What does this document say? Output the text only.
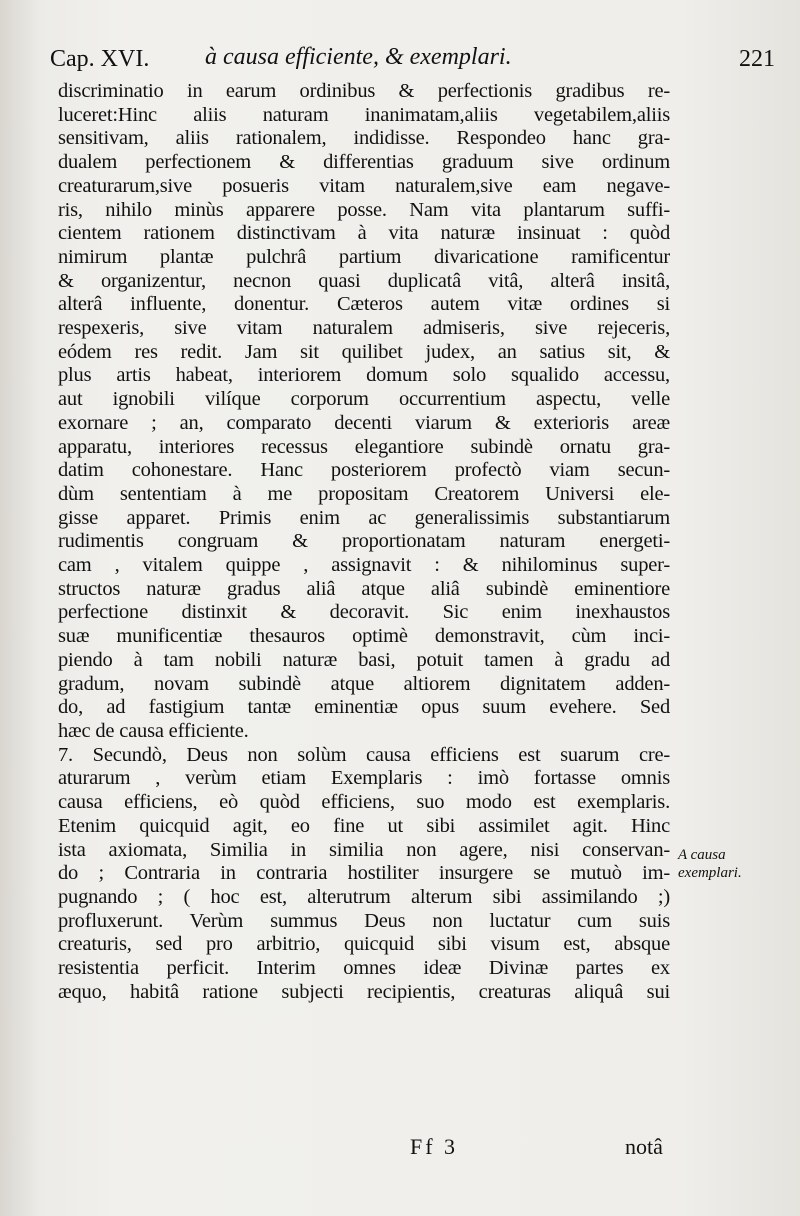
Cap. XVI. à causa efficiente, & exemplari.	221
discriminatio in earum ordinibus & perfectionis gradibus re-
luceret:Hinc aliis naturam inanimatam,aliis vegetabilem,aliis
sensitivam, aliis rationalem, indidisse. Respondeo hanc gra-
dualem perfectionem & differentias graduum sive ordinum
creaturarum,sive posueris vitam naturalem,sive eam negave-
ris, nihilo minùs apparere posse. Nam vita plantarum suffi-
cientem rationem distinctivam à vita naturæ insinuat : quòd
nimirum plantæ pulchrâ partium divaricatione ramificentur
& organizentur, necnon quasi duplicatâ vitâ, alterâ insitâ,
alterâ influente, donentur. Cæteros autem vitæ ordines si
respexeris, sive vitam naturalem admiseris, sive rejeceris,
eódem res redit. Jam sit quilibet judex, an satius sit, &
plus artis habeat, interiorem domum solo squalido accessu,
aut ignobili vilíque corporum occurrentium aspectu, velle
exornare ; an, comparato decenti viarum & exterioris areæ
apparatu, interiores recessus elegantiore subindè ornatu gra-
datim cohonestare. Hanc posteriorem profectò viam secun-
dùm sententiam à me propositam Creatorem Universi ele-
gisse apparet. Primis enim ac generalissimis substantiarum
rudimentis congruam & proportionatam naturam energeti-
cam , vitalem quippe , assignavit : & nihilominus super-
structos naturæ gradus aliâ atque aliâ subindè eminentiore
perfectione distinxit & decoravit. Sic enim inexhaustos
suæ munificentiæ thesauros optimè demonstravit, cùm inci-
piendo à tam nobili naturæ basi, potuit tamen à gradu ad
gradum, novam subindè atque altiorem dignitatem adden-
do, ad fastigium tantæ eminentiæ opus suum evehere. Sed
hæc de causa efficiente.
7. Secundò, Deus non solùm causa efficiens est suarum cre-
aturarum , verùm etiam Exemplaris : imò fortasse omnis
causa efficiens, eò quòd efficiens, suo modo est exemplaris.
Etenim quicquid agit, eo fine ut sibi assimilet agit. Hinc
ista axiomata, Similia in similia non agere, nisi conservan-
do ; Contraria in contraria hostiliter insurgere se mutuò im-
pugnando ; ( hoc est, alterutrum alterum sibi assimilando ;)
profluxerunt. Verùm summus Deus non luctatur cum suis
creaturis, sed pro arbitrio, quicquid sibi visum est, absque
resistentia perficit. Interim omnes ideæ Divinæ partes ex
æquo, habitâ ratione subjecti recipientis, creaturas aliquâ sui
A causa
exemplari.
Ff 3	notâ
